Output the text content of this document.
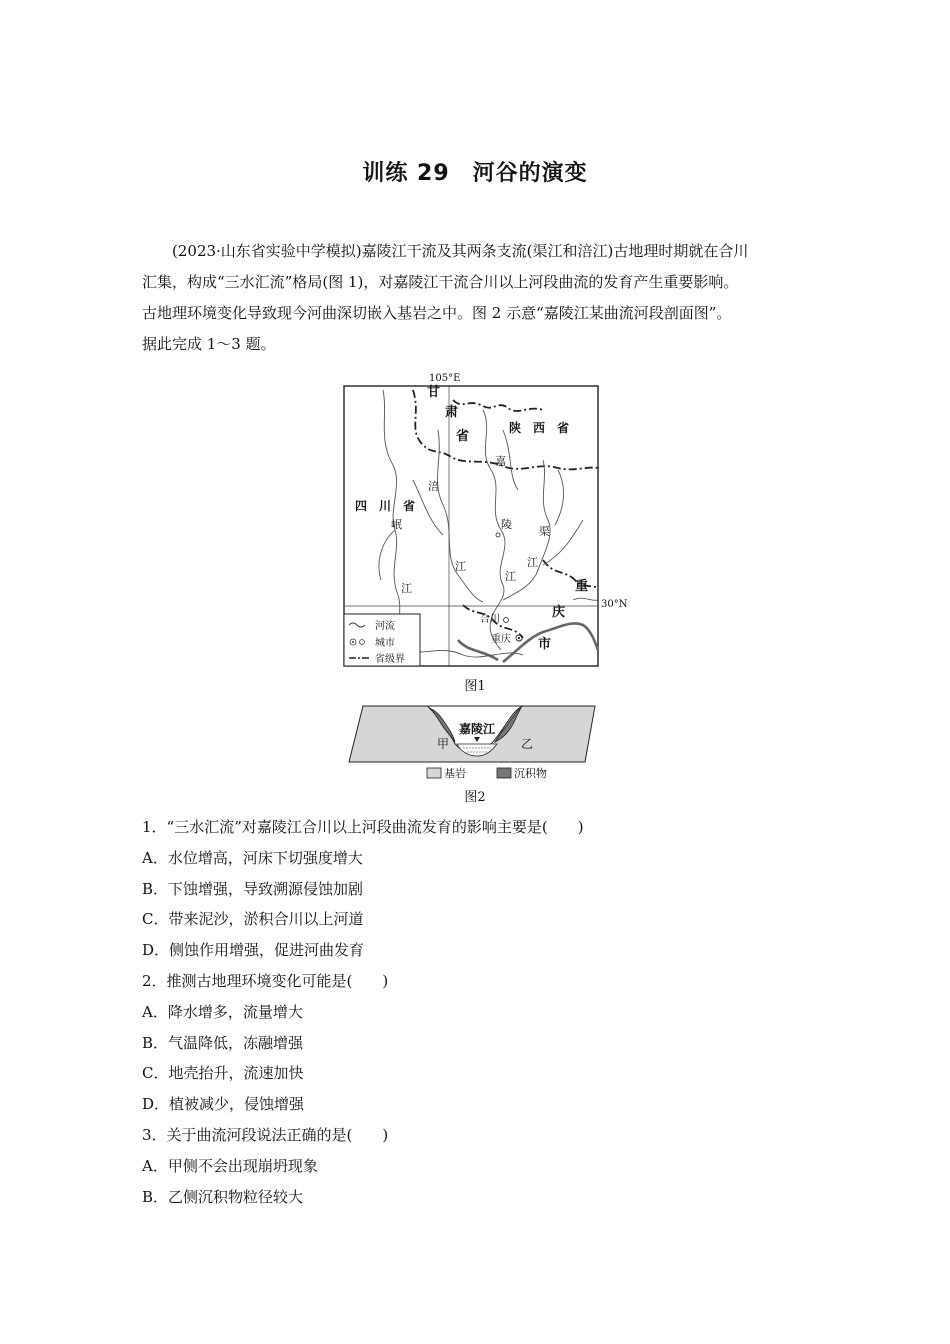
训练 29　河谷的演变

(2023·山东省实验中学模拟)嘉陵江干流及其两条支流(渠江和涪江)古地理时期就在合川

汇集，构成“三水汇流”格局(图 1)，对嘉陵江干流合川以上河段曲流的发育产生重要影响。
古地理环境变化导致现今河曲深切嵌入基岩之中。图 2 示意“嘉陵江某曲流河段剖面图”。
据此完成 1～3 题。
105°E
30°N
甘
肃
省
陕　西　省
四　川　省
重
庆
市
岷
江
涪
江
嘉
陵
江
渠
江
合川
重庆
河流
城市
省级界
图1
嘉陵江
甲	乙
基岩	沉积物
图2
1．“三水汇流”对嘉陵江合川以上河段曲流发育的影响主要是(　　)
A．水位增高，河床下切强度增大
B．下蚀增强，导致溯源侵蚀加剧
C．带来泥沙，淤积合川以上河道
D．侧蚀作用增强，促进河曲发育
2．推测古地理环境变化可能是(　　)
A．降水增多，流量增大
B．气温降低，冻融增强
C．地壳抬升，流速加快
D．植被减少，侵蚀增强
3．关于曲流河段说法正确的是(　　)
A．甲侧不会出现崩坍现象
B．乙侧沉积物粒径较大
